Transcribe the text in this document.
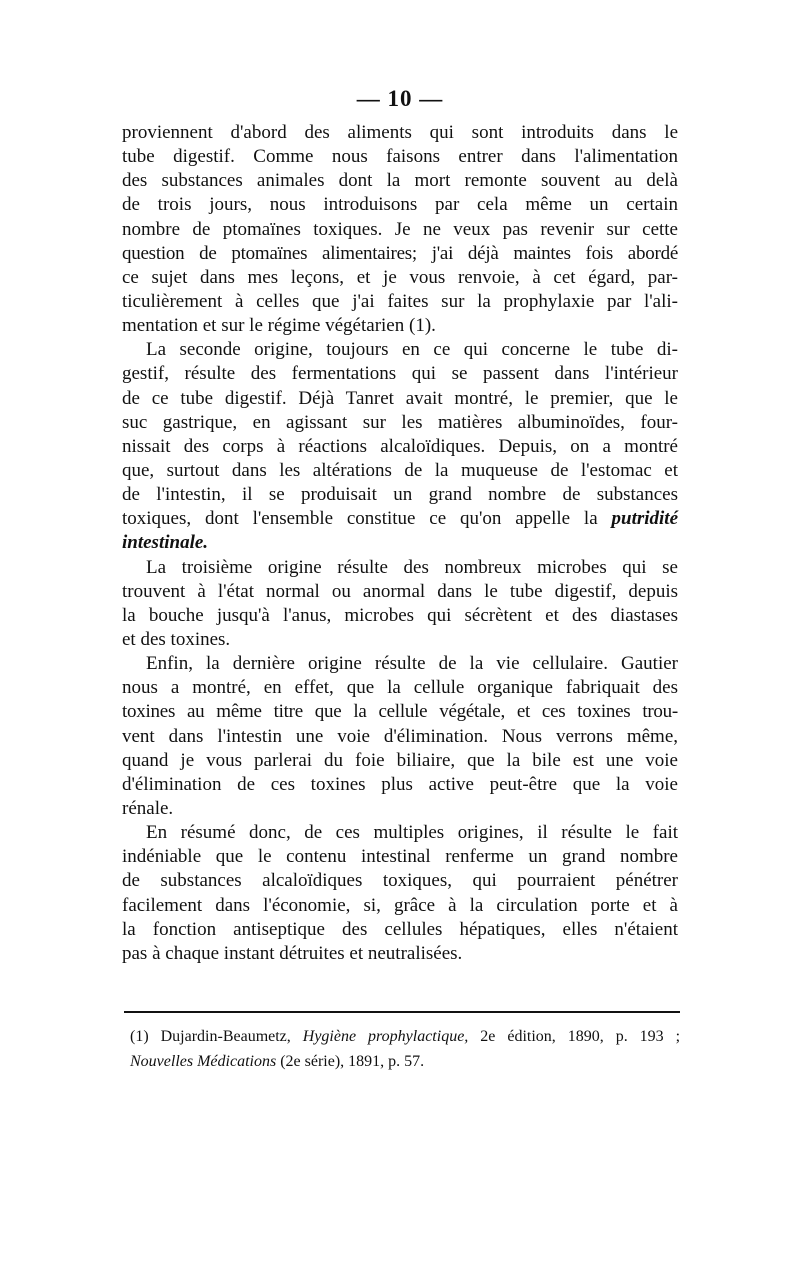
— 10 —
proviennent d'abord des aliments qui sont introduits dans le
tube digestif. Comme nous faisons entrer dans l'alimentation
des substances animales dont la mort remonte souvent au delà
de trois jours, nous introduisons par cela même un certain
nombre de ptomaïnes toxiques. Je ne veux pas revenir sur cette
question de ptomaïnes alimentaires; j'ai déjà maintes fois abordé
ce sujet dans mes leçons, et je vous renvoie, à cet égard, par-
ticulièrement à celles que j'ai faites sur la prophylaxie par l'ali-
mentation et sur le régime végétarien (1).
La seconde origine, toujours en ce qui concerne le tube di-
gestif, résulte des fermentations qui se passent dans l'intérieur
de ce tube digestif. Déjà Tanret avait montré, le premier, que le
suc gastrique, en agissant sur les matières albuminoïdes, four-
nissait des corps à réactions alcaloïdiques. Depuis, on a montré
que, surtout dans les altérations de la muqueuse de l'estomac et
de l'intestin, il se produisait un grand nombre de substances
toxiques, dont l'ensemble constitue ce qu'on appelle la putridité
intestinale.
La troisième origine résulte des nombreux microbes qui se
trouvent à l'état normal ou anormal dans le tube digestif, depuis
la bouche jusqu'à l'anus, microbes qui sécrètent et des diastases
et des toxines.
Enfin, la dernière origine résulte de la vie cellulaire. Gautier
nous a montré, en effet, que la cellule organique fabriquait des
toxines au même titre que la cellule végétale, et ces toxines trou-
vent dans l'intestin une voie d'élimination. Nous verrons même,
quand je vous parlerai du foie biliaire, que la bile est une voie
d'élimination de ces toxines plus active peut-être que la voie
rénale.
En résumé donc, de ces multiples origines, il résulte le fait
indéniable que le contenu intestinal renferme un grand nombre
de substances alcaloïdiques toxiques, qui pourraient pénétrer
facilement dans l'économie, si, grâce à la circulation porte et à
la fonction antiseptique des cellules hépatiques, elles n'étaient
pas à chaque instant détruites et neutralisées.
(1) Dujardin-Beaumetz, Hygiène prophylactique, 2e édition, 1890, p. 193 ;
Nouvelles Médications (2e série), 1891, p. 57.
